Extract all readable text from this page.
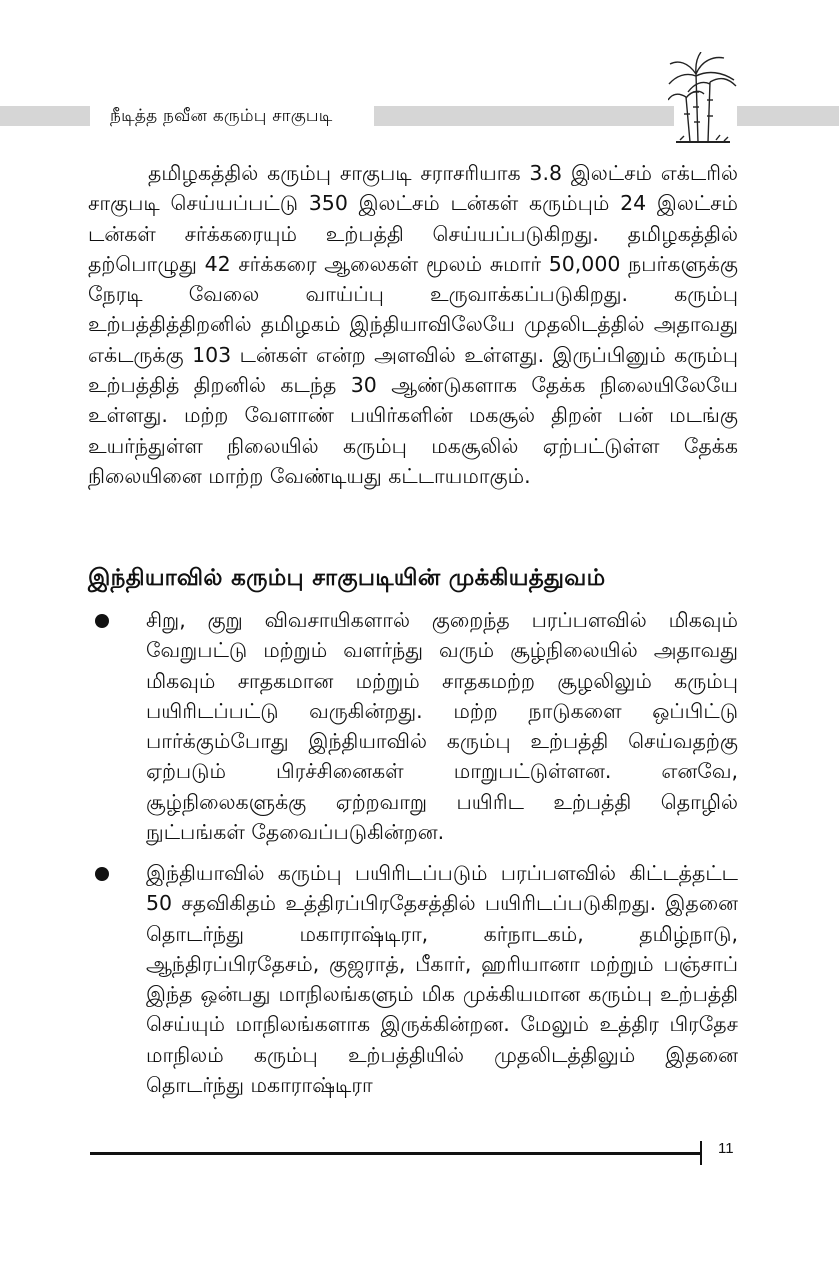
நீடித்த நவீன கரும்பு சாகுபடி

தமிழகத்தில் கரும்பு சாகுபடி சராசரியாக 3.8 இலட்சம் எக்டரில் சாகுபடி செய்யப்பட்டு 350 இலட்சம் டன்கள் கரும்பும் 24 இலட்சம் டன்கள் சர்க்கரையும் உற்பத்தி செய்யப்படுகிறது. தமிழகத்தில் தற்பொழுது 42 சர்க்கரை ஆலைகள் மூலம் சுமார் 50,000 நபர்களுக்கு நேரடி வேலை வாய்ப்பு உருவாக்கப்படுகிறது. கரும்பு உற்பத்தித்திறனில் தமிழகம் இந்தியாவிலேயே முதலிடத்தில் அதாவது எக்டருக்கு 103 டன்கள் என்ற அளவில் உள்ளது. இருப்பினும் கரும்பு உற்பத்தித் திறனில் கடந்த 30 ஆண்டுகளாக தேக்க நிலையிலேயே உள்ளது. மற்ற வேளாண் பயிர்களின் மகசூல் திறன் பன் மடங்கு உயர்ந்துள்ள நிலையில் கரும்பு மகசூலில் ஏற்பட்டுள்ள தேக்க நிலையினை மாற்ற வேண்டியது கட்டாயமாகும்.

இந்தியாவில் கரும்பு சாகுபடியின் முக்கியத்துவம்

சிறு, குறு விவசாயிகளால் குறைந்த பரப்பளவில் மிகவும் வேறுபட்டு மற்றும் வளர்ந்து வரும் சூழ்நிலையில் அதாவது மிகவும் சாதகமான மற்றும் சாதகமற்ற சூழலிலும் கரும்பு பயிரிடப்பட்டு வருகின்றது. மற்ற நாடுகளை ஒப்பிட்டு பார்க்கும்போது இந்தியாவில் கரும்பு உற்பத்தி செய்வதற்கு ஏற்படும் பிரச்சினைகள் மாறுபட்டுள்ளன. எனவே, சூழ்நிலைகளுக்கு ஏற்றவாறு பயிரிட உற்பத்தி தொழில் நுட்பங்கள் தேவைப்படுகின்றன.

இந்தியாவில் கரும்பு பயிரிடப்படும் பரப்பளவில் கிட்டத்தட்ட 50 சதவிகிதம் உத்திரப்பிரதேசத்தில் பயிரிடப்படுகிறது. இதனை தொடர்ந்து மகாராஷ்டிரா, கர்நாடகம், தமிழ்நாடு, ஆந்திரப்பிரதேசம், குஜராத், பீகார், ஹரியானா மற்றும் பஞ்சாப் இந்த ஒன்பது மாநிலங்களும் மிக முக்கியமான கரும்பு உற்பத்தி செய்யும் மாநிலங்களாக இருக்கின்றன. மேலும் உத்திர பிரதேச மாநிலம் கரும்பு உற்பத்தியில் முதலிடத்திலும் இதனை தொடர்ந்து மகாராஷ்டிரா

11
